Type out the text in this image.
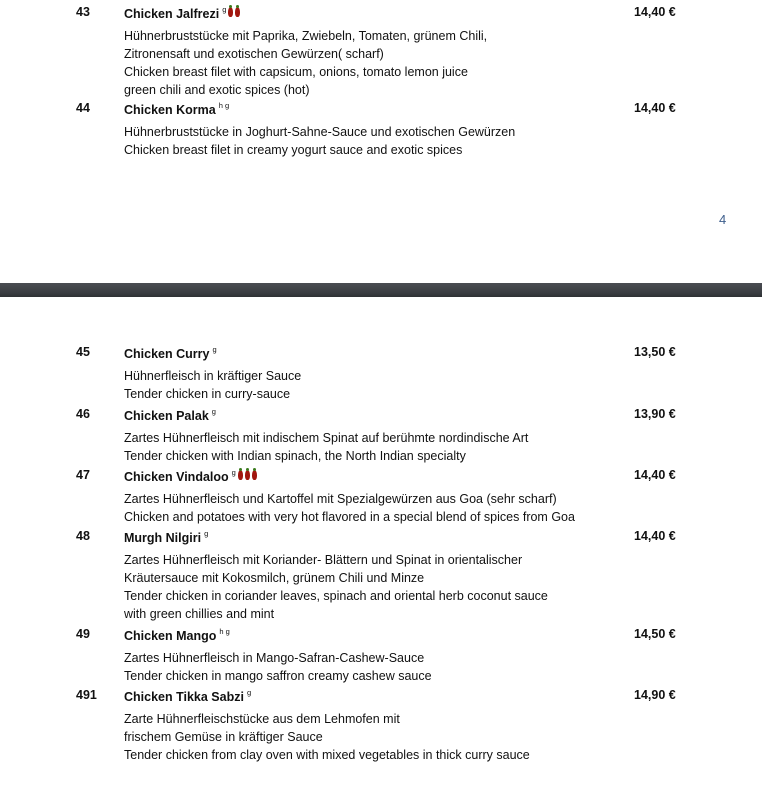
4
43	Chicken Jalfrezi $^g$	14,40 €
Hühnerbruststücke mit Paprika, Zwiebeln, Tomaten, grünem Chili,
Zitronensaft und exotischen Gewürzen( scharf)
Chicken breast filet with capsicum, onions, tomato lemon juice
green chili and exotic spices (hot)
44	Chicken Korma $^{h g}$	14,40 €
Hühnerbruststücke in Joghurt-Sahne-Sauce und exotischen Gewürzen
Chicken breast filet in creamy yogurt sauce and exotic spices
45	Chicken Curry $^g$	13,50 €
Hühnerfleisch in kräftiger Sauce
Tender chicken in curry-sauce
46	Chicken Palak $^g$	13,90 €
Zartes Hühnerfleisch mit indischem Spinat auf berühmte nordindische Art
Tender chicken with Indian spinach, the North Indian specialty
47	Chicken Vindaloo $^g$	14,40 €
Zartes Hühnerfleisch und Kartoffel mit Spezialgewürzen aus Goa (sehr scharf)
Chicken and potatoes with very hot flavored in a special blend of spices from Goa
48	Murgh Nilgiri $^g$	14,40 €
Zartes Hühnerfleisch mit Koriander- Blättern und Spinat in orientalischer
Kräutersauce mit Kokosmilch, grünem Chili und Minze
Tender chicken in coriander leaves, spinach and oriental herb coconut sauce
with green chillies and mint
49	Chicken Mango $^{h g}$	14,50 €
Zartes Hühnerfleisch in Mango-Safran-Cashew-Sauce
Tender chicken in mango saffron creamy cashew sauce
491 Chicken Tikka Sabzi $^g$	14,90 €
Zarte Hühnerfleischstücke aus dem Lehmofen mit
frischem Gemüse in kräftiger Sauce
Tender chicken from clay oven with mixed vegetables in thick curry sauce
